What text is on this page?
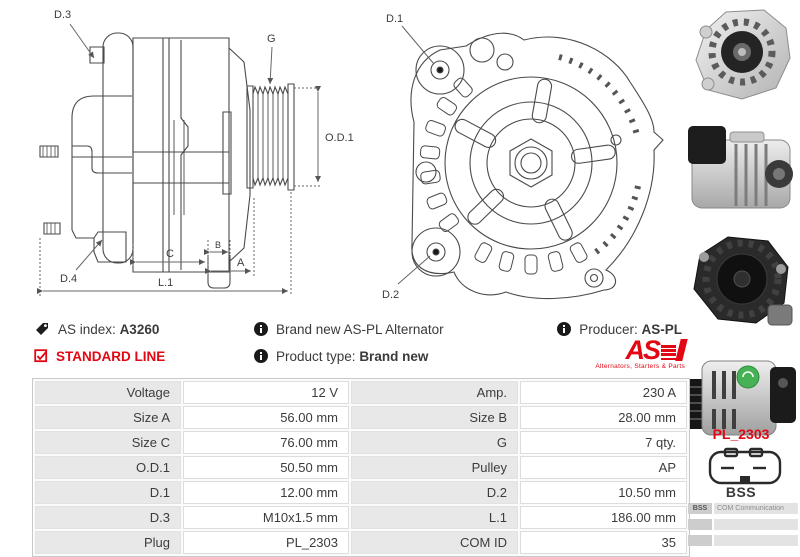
D.3
G
O.D.1
D.4
C
B
A
L.1
D.1
D.2
AS index:
A3260
STANDARD LINE
Brand new AS-PL Alternator
Product type:
Brand new
Producer:
AS-PL
AS
Alternators, Starters & Parts
Voltage	12 V	Amp.	230 A
Size A	56.00 mm	Size B	28.00 mm
Size C	76.00 mm	G	7 qty.
O.D.1	50.50 mm	Pulley	AP
D.1	12.00 mm	D.2	10.50 mm
D.3	M10x1.5 mm	L.1	186.00 mm
Plug	PL_2303	COM ID	35
PL_2303
BSS
BSS	COM Communication
